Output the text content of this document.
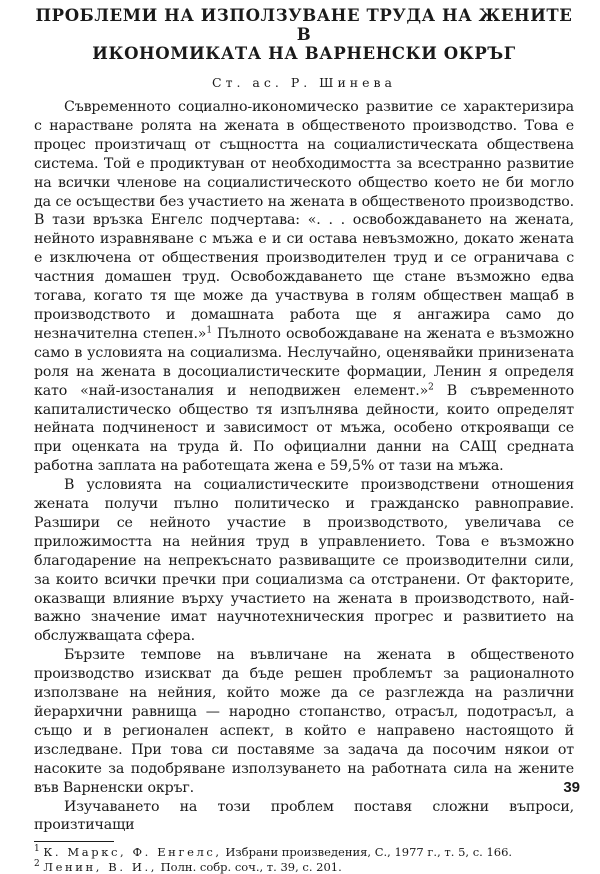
ПРОБЛЕМИ НА ИЗПОЛЗУВАНЕ ТРУДА НА ЖЕНИТЕ В
ИКОНОМИКАТА НА ВАРНЕНСКИ ОКРЪГ
Ст. ас. Р. Шинева

Съвременното социално-икономическо развитие се характеризира с нарастване ролята на жената в общественото производство. Това е процес произтичащ от същността на социалистическата обществена система. Той е продиктуван от необходимостта за всестранно развитие на всички членове на социалистическото общество което не би могло да се осъществи без участието на жената в общественото производство. В тази връзка Енгелс подчертава: «. . . освобождаването на жената, нейното изравняване с мъжа е и си остава невъзможно, докато жената е изключена от обществения производителен труд и се ограничава с частния домашен труд. Освобождаването ще стане възможно едва тогава, когато тя ще може да участвува в голям обществен мащаб в производството и домашната работа ще я ангажира само до незначителна степен.»$^1$ Пълното освобождаване на жената е възможно само в условията на социализма. Неслучайно, оценявайки принизената роля на жената в досоциалистическите формации, Ленин я определя като «най-изостаналия и неподвижен елемент.»$^2$ В съвременното капиталистическо общество тя изпълнява дейности, които определят нейната подчиненост и зависимост от мъжа, особено открояващи се при оценката на труда й. По официални данни на САЩ средната работна заплата на работещата жена е 59,5% от тази на мъжа.

В условията на социалистическите производствени отношения жената получи пълно политическо и гражданско равноправие. Разшири се нейното участие в производството, увеличава се приложимостта на нейния труд в управлението. Това е възможно благодарение на непрекъснато развиващите се производителни сили, за които всички пречки при социализма са отстранени. От факторите, оказващи влияние върху участието на жената в производството, най-важно значение имат научнотехническия прогрес и развитието на обслужващата сфера.

Бързите темпове на въвличане на жената в общественото производство изискват да бъде решен проблемът за рационалното използване на нейния, който може да се разглежда на различни йерархични равнища — народно стопанство, отрасъл, подотрасъл, а също и в регионален аспект, в който е направено настоящото й изследване. При това си поставяме за задача да посочим някои от насоките за подобряване използуването на работната сила на жените във Варненски окръг.

Изучаването на този проблем поставя сложни въпроси, произтичащи

$^1$ К. Маркс, Ф. Енгелс, Избрани произведения, С., 1977 г., т. 5, с. 166.

$^2$ Ленин, В. И., Полн. собр. соч., т. 39, с. 201.

39
